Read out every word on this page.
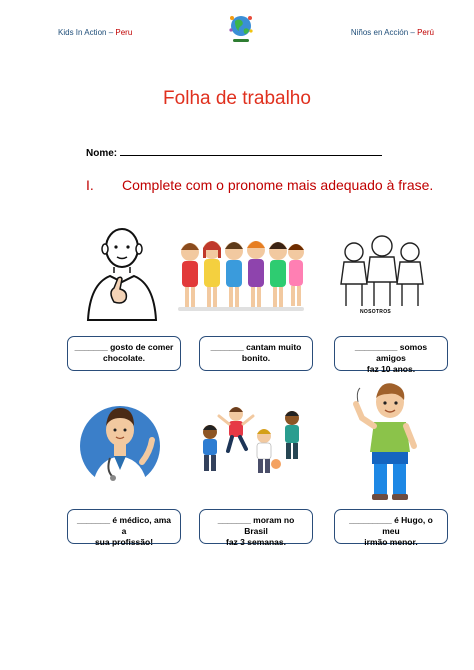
Kids In Action – Peru	Niños en Acción – Perú
Folha de trabalho
Nome:
I. Complete com o pronome mais adequado à frase.
NOSOTROS
_______ gosto de comer
chocolate.
_______ cantam muito
bonito.
_________ somos amigos
faz 10 anos.
_______ é médico, ama a
sua profissão!
_______ moram no Brasil
faz 3 semanas.
_________ é Hugo, o meu
irmão menor.
